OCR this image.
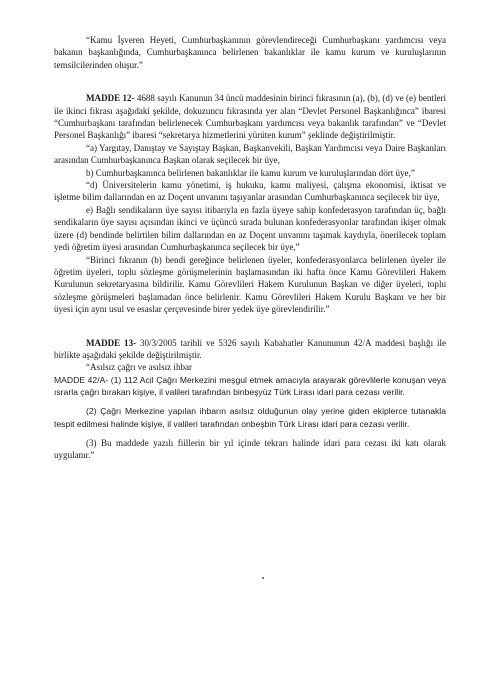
“Kamu İşveren Heyeti, Cumhurbaşkanının görevlendireceği Cumhurbaşkanı yardımcısı veya bakanın başkanlığında, Cumhurbaşkanınca belirlenen bakanlıklar ile kamu kurum ve kuruluşlarının temsilcilerinden oluşur.”

MADDE 12- 4688 sayılı Kanunun 34 üncü maddesinin birinci fıkrasının (a), (b), (d) ve (e) bentleri ile ikinci fıkrası aşağıdaki şekilde, dokuzuncu fıkrasında yer alan “Devlet Personel Başkanlığınca” ibaresi “Cumhurbaşkanı tarafından belirlenecek Cumhurbaşkanı yardımcısı veya bakanlık tarafından” ve “Devlet Personel Başkanlığı” ibaresi “sekretarya hizmetlerini yürüten kurum” şeklinde değiştirilmiştir.

“a) Yargıtay, Danıştay ve Sayıştay Başkan, Başkanvekili, Başkan Yardımcısı veya Daire Başkanları arasından Cumhurbaşkanınca Başkan olarak seçilecek bir üye,

b) Cumhurbaşkanınca belirlenen bakanlıklar ile kamu kurum ve kuruluşlarından dört üye,”

“d) Üniversitelerin kamu yönetimi, iş hukuku, kamu maliyesi, çalışma ekonomisi, iktisat ve işletme bilim dallarından en az Doçent unvanını taşıyanlar arasından Cumhurbaşkanınca seçilecek bir üye,

e) Bağlı sendikaların üye sayısı itibarıyla en fazla üyeye sahip konfederasyon tarafından üç, bağlı sendikaların üye sayısı açısından ikinci ve üçüncü sırada bulunan konfederasyonlar tarafından ikişer olmak üzere (d) bendinde belirtilen bilim dallarından en az Doçent unvanını taşımak kaydıyla, önerilecek toplam yedi öğretim üyesi arasından Cumhurbaşkanınca seçilecek bir üye,”

“Birinci fıkranın (b) bendi gereğince belirlenen üyeler, konfederasyonlarca belirlenen üyeler ile öğretim üyeleri, toplu sözleşme görüşmelerinin başlamasından iki hafta önce Kamu Görevlileri Hakem Kurulunun sekretaryasına bildirilir. Kamu Görevlileri Hakem Kurulunun Başkan ve diğer üyeleri, toplu sözleşme görüşmeleri başlamadan önce belirlenir. Kamu Görevlileri Hakem Kurulu Başkanı ve her bir üyesi için aynı usul ve esaslar çerçevesinde birer yedek üye görevlendirilir.”

MADDE 13- 30/3/2005 tarihli ve 5326 sayılı Kabahatler Kanununun 42/A maddesi başlığı ile birlikte aşağıdaki şekilde değiştirilmiştir.

“Asılsız çağrı ve asılsız ihbar

MADDE 42/A- (1) 112 Acil Çağrı Merkezini meşgul etmek amacıyla arayarak görevlilerle konuşan veya ısrarla çağrı bırakan kişiye, il valileri tarafından binbeşyüz Türk Lirası idari para cezası verilir.

(2) Çağrı Merkezine yapılan ihbarın asılsız olduğunun olay yerine giden ekiplerce tutanakla tespit edilmesi halinde kişiye, il valileri tarafından onbeşbin Türk Lirası idari para cezası verilir.

(3) Bu maddede yazılı fiillerin bir yıl içinde tekrarı halinde idari para cezası iki katı olarak uygulanır.”
